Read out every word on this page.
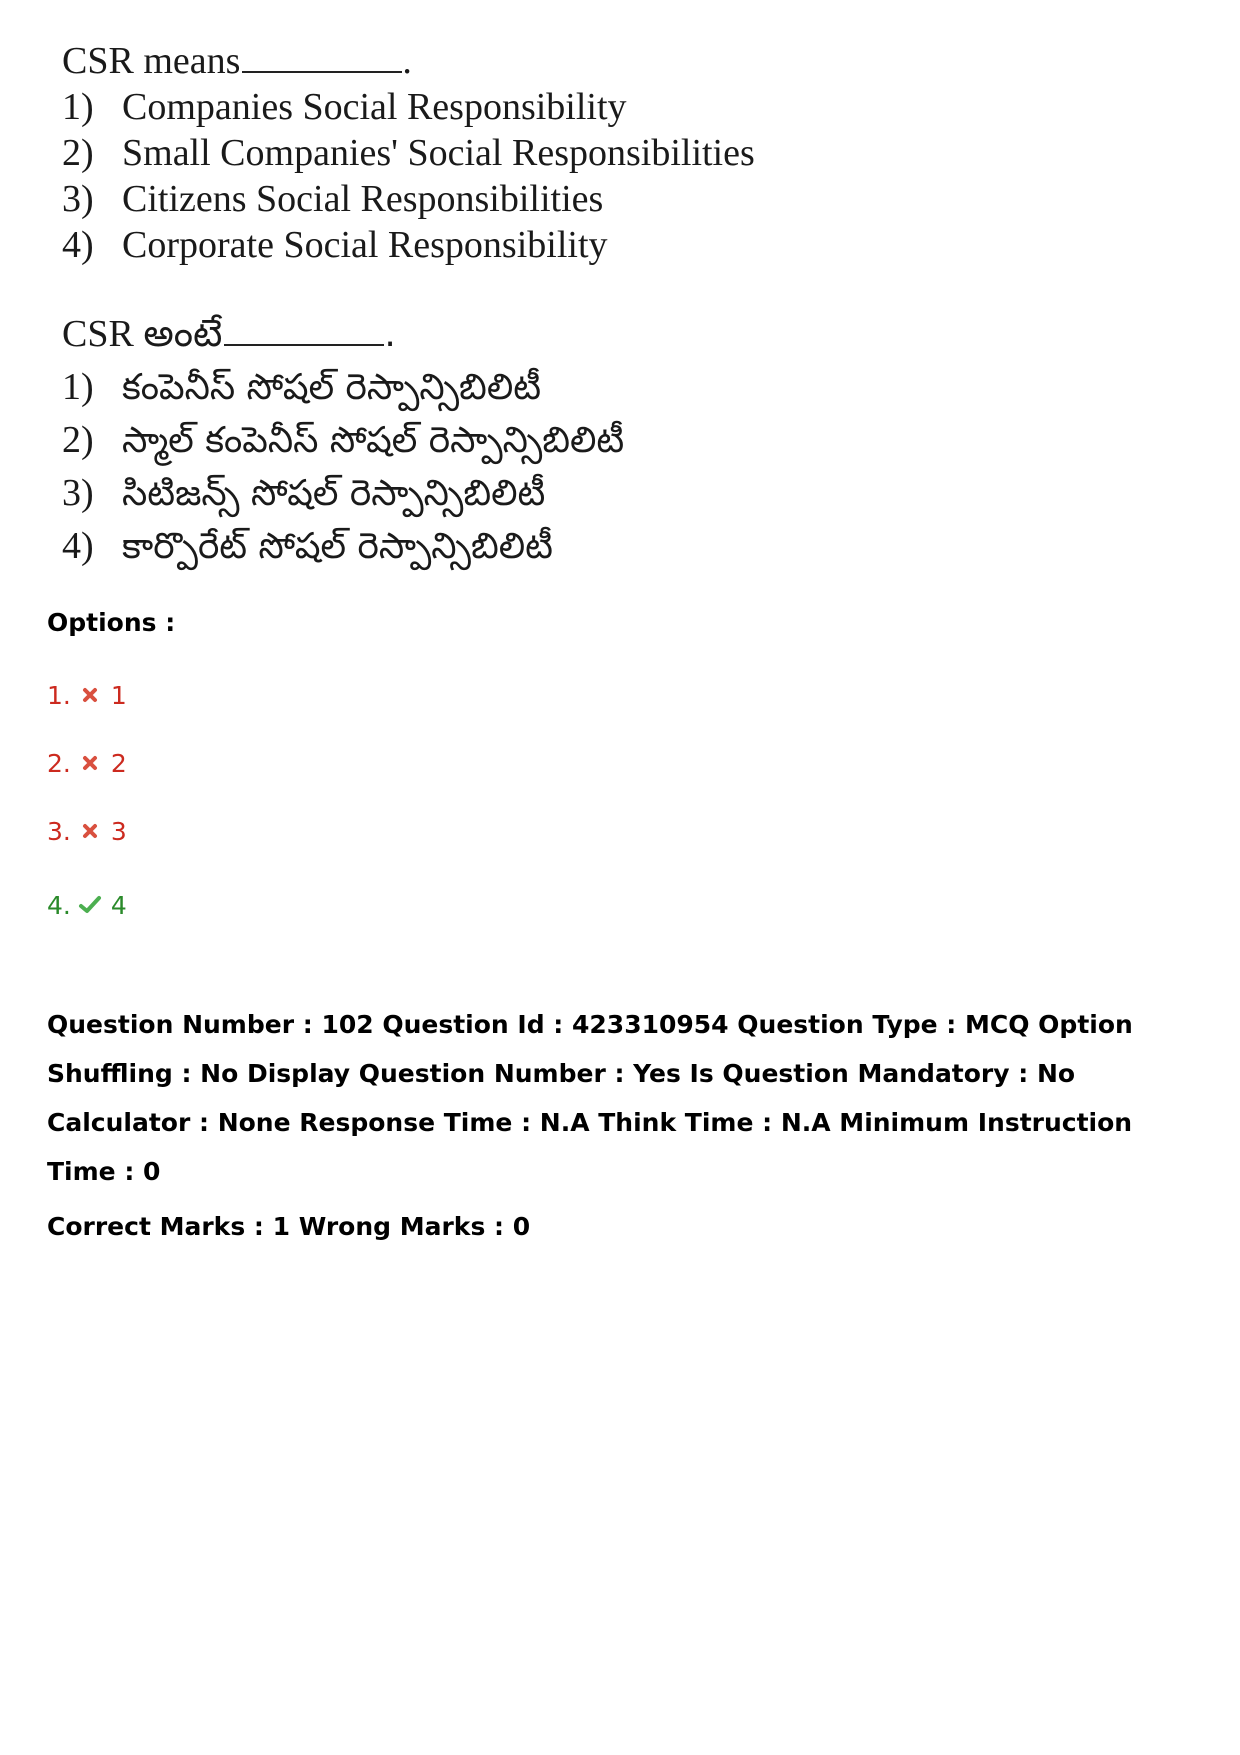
CSR means	.
1) Companies Social Responsibility
2) Small Companies' Social Responsibilities
3) Citizens Social Responsibilities
4) Corporate Social Responsibility
CSR అంటే	.
1) కంపెనీస్ సోషల్ రెస్పాన్సిబిలిటీ
2) స్మాల్ కంపెనీస్ సోషల్ రెస్పాన్సిబిలిటీ
3) సిటిజన్స్ సోషల్ రెస్పాన్సిబిలిటీ
4) కార్పొరేట్ సోషల్ రెస్పాన్సిబిలిటీ
Options :
1. 1
2. 2
3. 3
4. 4
Question Number : 102 Question Id : 423310954 Question Type : MCQ Option Shuffling : No Display Question Number : Yes Is Question Mandatory : No Calculator : None Response Time : N.A Think Time : N.A Minimum Instruction Time : 0
Correct Marks : 1 Wrong Marks : 0
